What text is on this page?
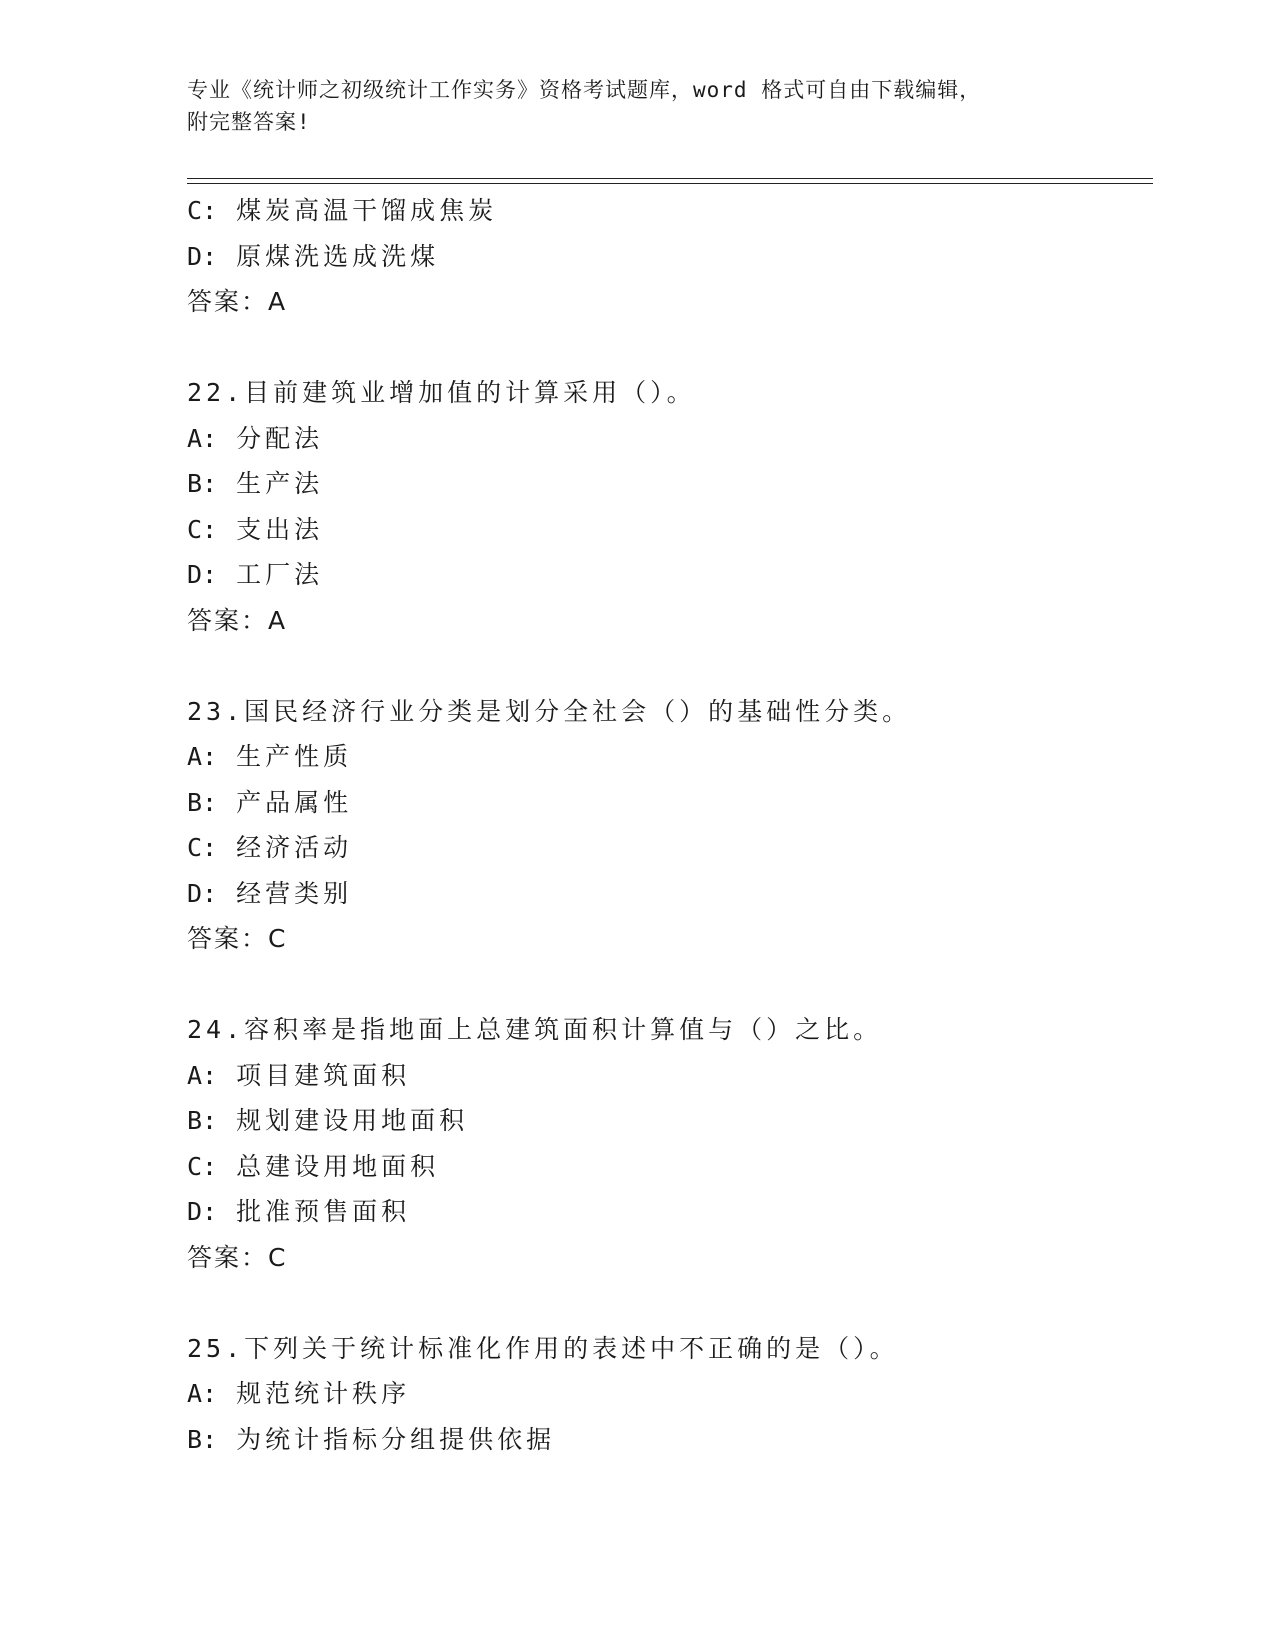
专业《统计师之初级统计工作实务》资格考试题库，word 格式可自由下载编辑，
附完整答案!
C: 煤炭高温干馏成焦炭
D: 原煤洗选成洗煤
答案：A
22.目前建筑业增加值的计算采用（）。
A: 分配法
B: 生产法
C: 支出法
D: 工厂法
答案：A
23.国民经济行业分类是划分全社会（）的基础性分类。
A: 生产性质
B: 产品属性
C: 经济活动
D: 经营类别
答案：C
24.容积率是指地面上总建筑面积计算值与（）之比。
A: 项目建筑面积
B: 规划建设用地面积
C: 总建设用地面积
D: 批准预售面积
答案：C
25.下列关于统计标准化作用的表述中不正确的是（）。
A: 规范统计秩序
B: 为统计指标分组提供依据
